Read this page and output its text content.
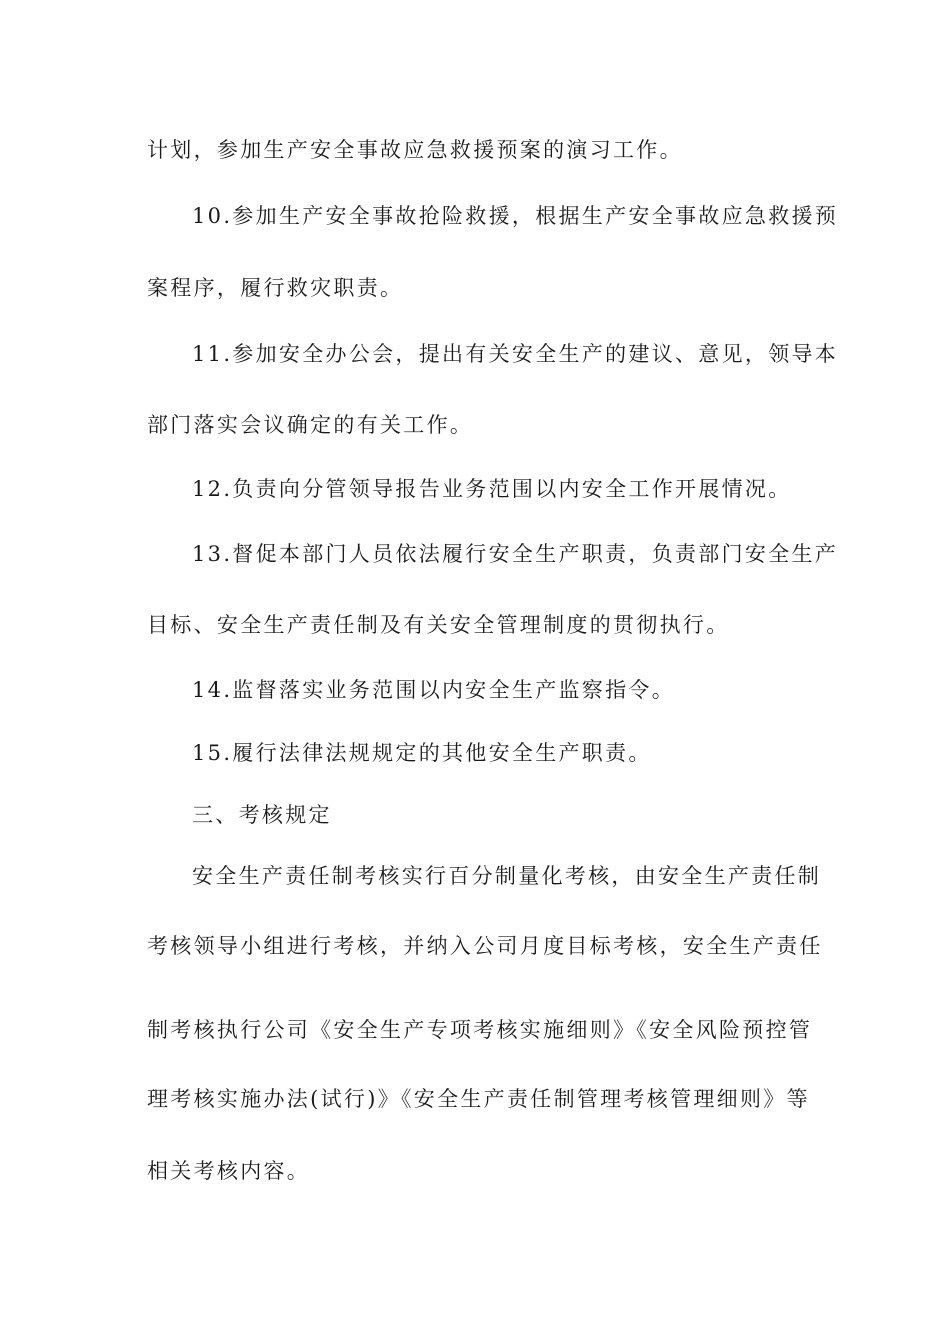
计划，参加生产安全事故应急救援预案的演习工作。
10.参加生产安全事故抢险救援，根据生产安全事故应急救援预
案程序，履行救灾职责。
11.参加安全办公会，提出有关安全生产的建议、意见，领导本
部门落实会议确定的有关工作。
12.负责向分管领导报告业务范围以内安全工作开展情况。
13.督促本部门人员依法履行安全生产职责，负责部门安全生产
目标、安全生产责任制及有关安全管理制度的贯彻执行。
14.监督落实业务范围以内安全生产监察指令。
15.履行法律法规规定的其他安全生产职责。
三、考核规定
安全生产责任制考核实行百分制量化考核，由安全生产责任制
考核领导小组进行考核，并纳入公司月度目标考核，安全生产责任
制考核执行公司《安全生产专项考核实施细则》《安全风险预控管
理考核实施办法(试行)》《安全生产责任制管理考核管理细则》等
相关考核内容。
